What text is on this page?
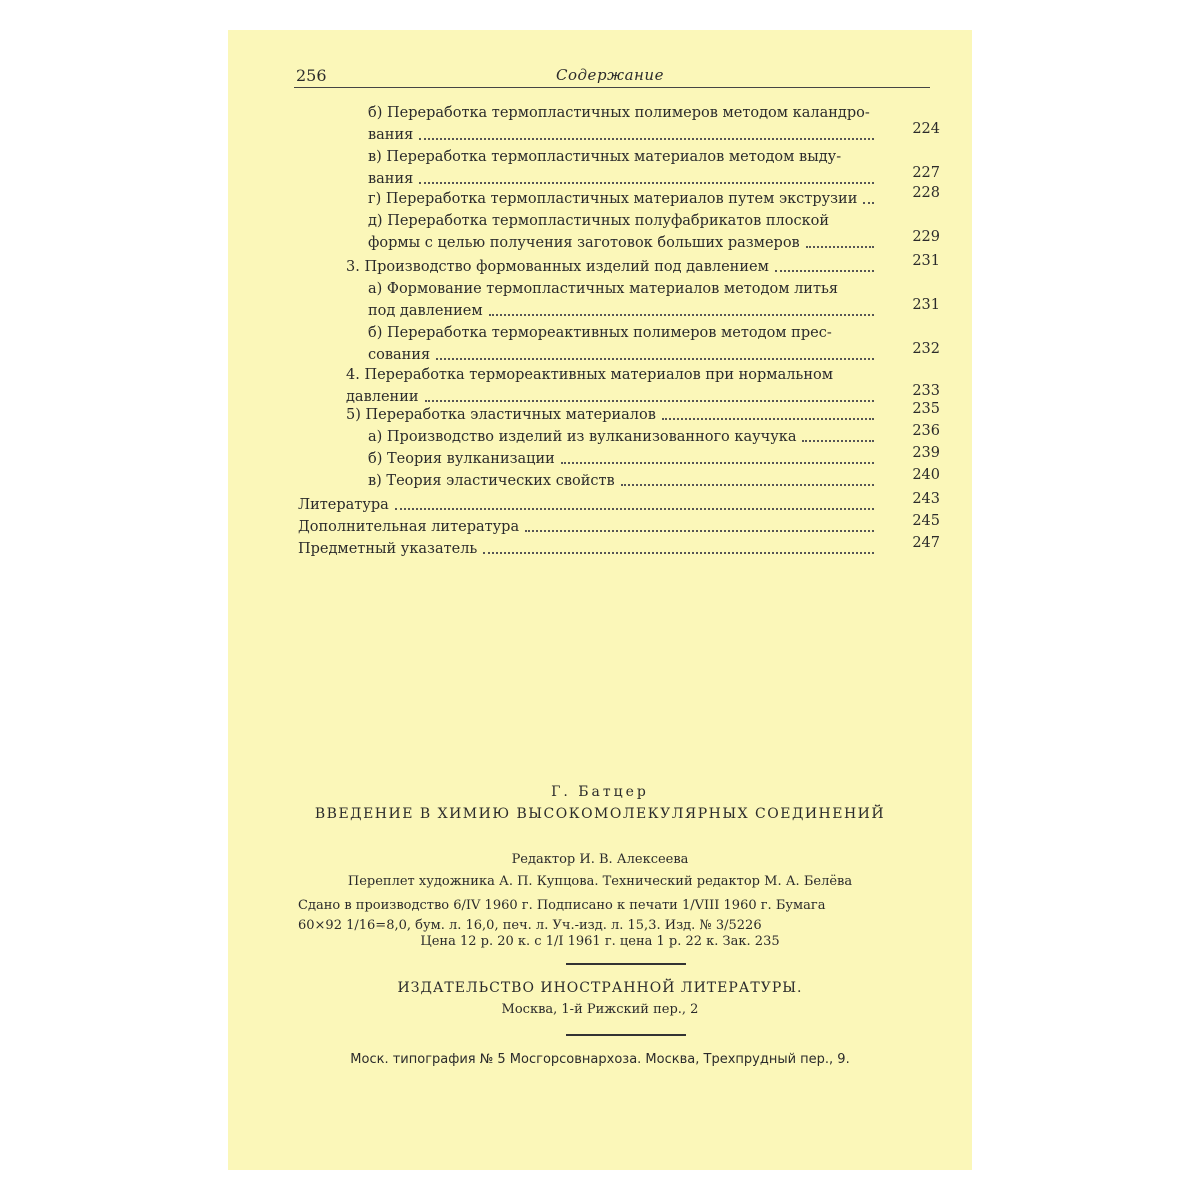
256	Содержание
б) Переработка термопластичных полимеров методом каландро-
вания	224
в) Переработка термопластичных материалов методом выду-
вания	227
г) Переработка термопластичных материалов путем экструзии	228
д) Переработка термопластичных полуфабрикатов плоской
формы с целью получения заготовок больших размеров	229
3. Производство формованных изделий под давлением	231
а) Формование термопластичных материалов методом литья
под давлением	231
б) Переработка термореактивных полимеров методом прес-
сования	232
4. Переработка термореактивных материалов при нормальном
давлении	233
5) Переработка эластичных материалов	235
а) Производство изделий из вулканизованного каучука	236
б) Теория вулканизации	239
в) Теория эластических свойств	240
Литература	243
Дополнительная литература	245
Предметный указатель	247
Г. Батцер
ВВЕДЕНИЕ В ХИМИЮ ВЫСОКОМОЛЕКУЛЯРНЫХ СОЕДИНЕНИЙ
Редактор И. В. Алексеева
Переплет художника А. П. Купцова. Технический редактор М. А. Белёва
Сдано в производство 6/IV 1960 г. Подписано к печати 1/VIII 1960 г. Бумага
60×92 1/16=8,0, бум. л. 16,0, печ. л. Уч.-изд. л. 15,3. Изд. № 3/5226
Цена 12 р. 20 к. с 1/I 1961 г. цена 1 р. 22 к. Зак. 235
ИЗДАТЕЛЬСТВО ИНОСТРАННОЙ ЛИТЕРАТУРЫ.
Москва, 1-й Рижский пер., 2
Моск. типография № 5 Мосгорсовнархоза. Москва, Трехпрудный пер., 9.
